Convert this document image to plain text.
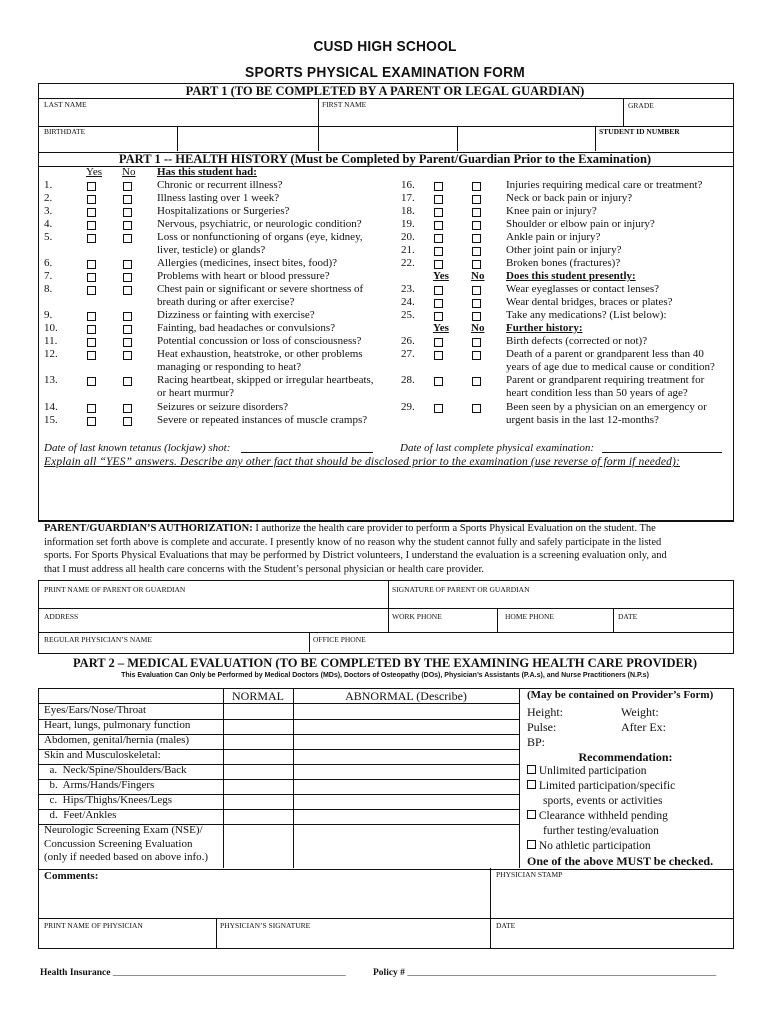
CUSD HIGH SCHOOL
SPORTS PHYSICAL EXAMINATION FORM
PART 1 (TO BE COMPLETED BY A PARENT OR LEGAL GUARDIAN)
LAST NAME	FIRST NAME	GRADE
BIRTHDATE	STUDENT ID NUMBER
PART 1 -- HEALTH HISTORY (Must be Completed by Parent/Guardian Prior to the Examination)
Yes No Has this student had:
1.	Chronic or recurrent illness?
2.	Illness lasting over 1 week?
3.	Hospitalizations or Surgeries?
4.	Nervous, psychiatric, or neurologic condition?
5.	Loss or nonfunctioning of organs (eye, kidney,
liver, testicle) or glands?
6.	Allergies (medicines, insect bites, food)?
7.	Problems with heart or blood pressure?
8.	Chest pain or significant or severe shortness of
breath during or after exercise?
9.	Dizziness or fainting with exercise?
10.	Fainting, bad headaches or convulsions?
11.	Potential concussion or loss of consciousness?
12.	Heat exhaustion, heatstroke, or other problems
managing or responding to heat?
13.	Racing heartbeat, skipped or irregular heartbeats,
or heart murmur?
14.	Seizures or seizure disorders?
15.	Severe or repeated instances of muscle cramps?
16.	Injuries requiring medical care or treatment?
17.	Neck or back pain or injury?
18.	Knee pain or injury?
19.	Shoulder or elbow pain or injury?
20.	Ankle pain or injury?
21.	Other joint pain or injury?
22.	Broken bones (fractures)?
23.	Wear eyeglasses or contact lenses?
24.	Wear dental bridges, braces or plates?
25.	Take any medications? (List below):
26.	Birth defects (corrected or not)?
27.	Death of a parent or grandparent less than 40
years of age due to medical cause or condition?
28.	Parent or grandparent requiring treatment for
heart condition less than 50 years of age?
29.	Been seen by a physician on an emergency or
urgent basis in the last 12-months?
Yes No Does this student presently:
Yes No Further history:
Date of last known tetanus (lockjaw) shot:	Date of last complete physical examination:
Explain all “YES” answers. Describe any other fact that should be disclosed prior to the examination (use reverse of form if needed):
PARENT/GUARDIAN’S AUTHORIZATION: I authorize the health care provider to perform a Sports Physical Evaluation on the student. The
information set forth above is complete and accurate. I presently know of no reason why the student cannot fully and safely participate in the listed
sports. For Sports Physical Evaluations that may be performed by District volunteers, I understand the evaluation is a screening evaluation only, and
that I must address all health care concerns with the Student’s personal physician or health care provider.
PRINT NAME OF PARENT OR GUARDIAN	SIGNATURE OF PARENT OR GUARDIAN
ADDRESS	WORK PHONE	HOME PHONE	DATE
REGULAR PHYSICIAN’S NAME	OFFICE PHONE
PART 2 – MEDICAL EVALUATION (TO BE COMPLETED BY THE EXAMINING HEALTH CARE PROVIDER)
This Evaluation Can Only be Performed by Medical Doctors (MDs), Doctors of Osteopathy (DOs), Physician’s Assistants (P.A.s), and Nurse Practitioners (N.P.s)
NORMAL	ABNORMAL (Describe)
Eyes/Ears/Nose/Throat
Heart, lungs, pulmonary function
Abdomen, genital/hernia (males)
Skin and Musculoskeletal:
a.  Neck/Spine/Shoulders/Back
b.  Arms/Hands/Fingers
c.  Hips/Thighs/Knees/Legs
d.  Feet/Ankles
Neurologic Screening Exam (NSE)/
Concussion Screening Evaluation
(only if needed based on above info.)
(May be contained on Provider’s Form)
Height:	Weight:
Pulse:	After Ex:
BP:
Recommendation:
Unlimited participation
Limited participation/specific
sports, events or activities
Clearance withheld pending
further testing/evaluation
No athletic participation
One of the above MUST be checked.
Comments:	PHYSICIAN STAMP
PRINT NAME OF PHYSICIAN	PHYSICIAN’S SIGNATURE	DATE
Health Insurance _________________________________________________	Policy # _________________________________________________________________
